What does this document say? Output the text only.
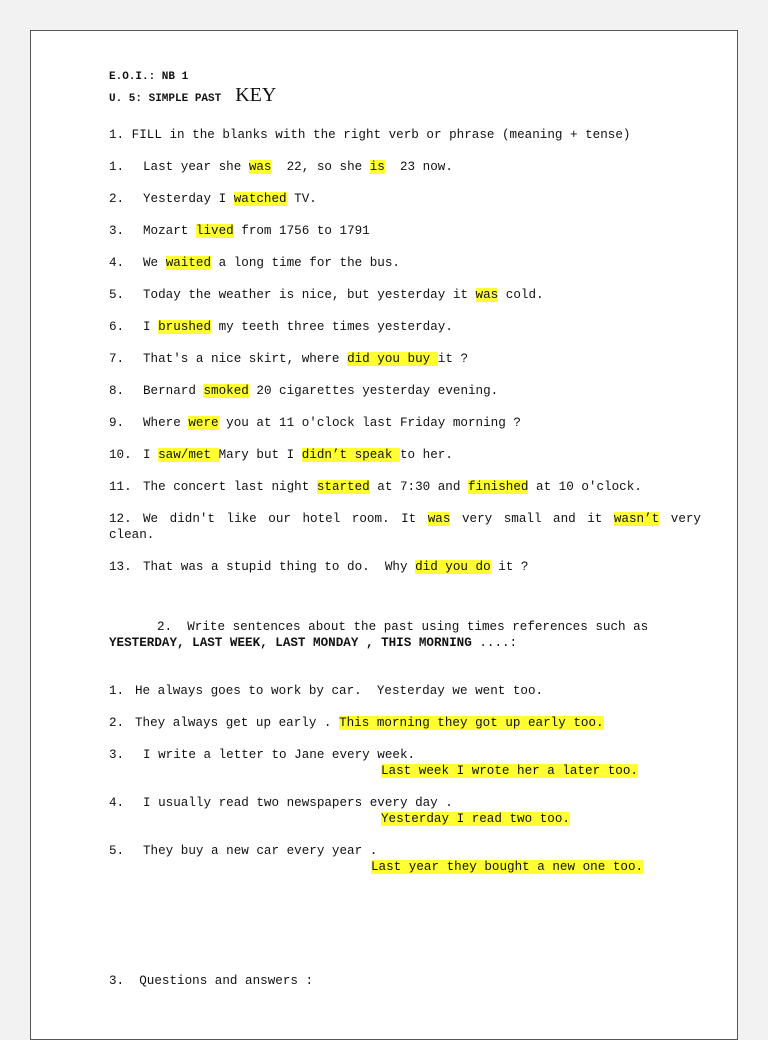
E.O.I.: NB 1
U. 5: SIMPLE PAST KEY

1. FILL in the blanks with the right verb or phrase (meaning + tense)

1. Last year she was  22, so she is  23 now.

2. Yesterday I watched TV.

3. Mozart lived from 1756 to 1791

4. We waited a long time for the bus.

5. Today the weather is nice, but yesterday it was cold.

6. I brushed my teeth three times yesterday.

7. That's a nice skirt, where did you buy it ?

8. Bernard smoked 20 cigarettes yesterday evening.

9. Where were you at 11 o'clock last Friday morning ?

10. I saw/met Mary but I didn’t speak to her.

11. The concert last night started at 7:30 and finished at 10 o'clock.

12. We didn't like our hotel room. It was very small and it wasn’t very clean.

13. That was a stupid thing to do.  Why did you do it ?

2.  Write sentences about the past using times references such as

YESTERDAY, LAST WEEK, LAST MONDAY , THIS MORNING ....:

1. He always goes to work by car.  Yesterday we went too.

2. They always get up early . This morning they got up early too.

3. I write a letter to Jane every week.

Last week I wrote her a later too.

4. I usually read two newspapers every day .

Yesterday I read two too.

5. They buy a new car every year .

Last year they bought a new one too.

3.  Questions and answers :
